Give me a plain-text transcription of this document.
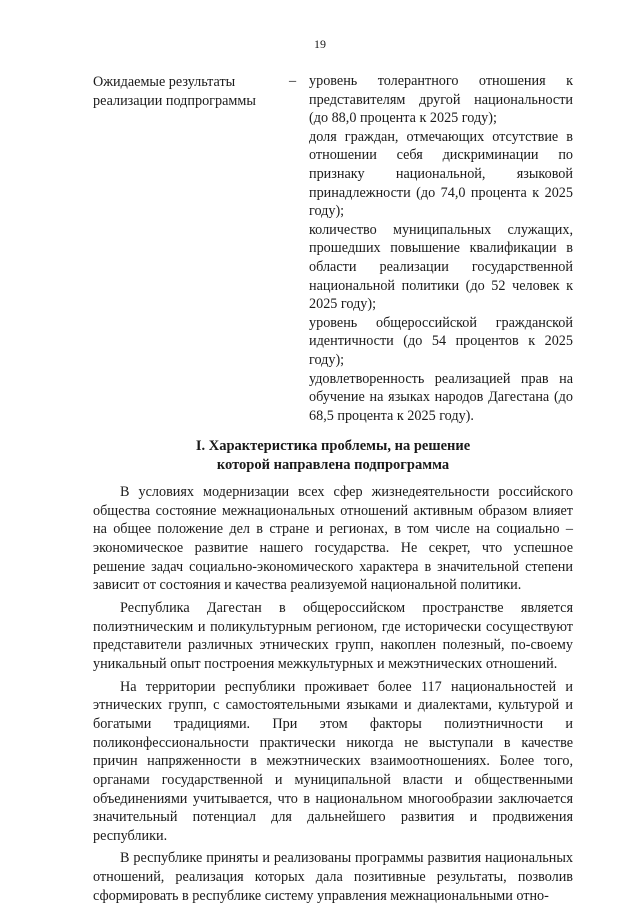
19
Ожидаемые результаты реализации подпрограммы
– уровень толерантного отношения к представителям другой национальности (до 88,0 процента к 2025 году);

доля граждан, отмечающих отсутствие в отношении себя дискриминации по признаку национальной, языковой принадлежности (до 74,0 процента к 2025 году);

количество муниципальных служащих, прошедших повышение квалификации в области реализации государственной национальной политики (до 52 человек к 2025 году);

уровень общероссийской гражданской идентичности (до 54 процентов к 2025 году);

удовлетворенность реализацией прав на обучение на языках народов Дагестана (до 68,5 процента к 2025 году).

I. Характеристика проблемы, на решение
которой направлена подпрограмма

В условиях модернизации всех сфер жизнедеятельности российского общества состояние межнациональных отношений активным образом влияет на общее положение дел в стране и регионах, в том числе на социально – экономическое развитие нашего государства. Не секрет, что успешное решение задач социально-экономического характера в значительной степени зависит от состояния и качества реализуемой национальной политики.

Республика Дагестан в общероссийском пространстве является полиэтническим и поликультурным регионом, где исторически сосуществуют представители различных этнических групп, накоплен полезный, по-своему уникальный опыт построения межкультурных и межэтнических отношений.

На территории республики проживает более 117 национальностей и этнических групп, с самостоятельными языками и диалектами, культурой и богатыми традициями. При этом факторы полиэтничности и поликонфессиональности практически никогда не выступали в качестве причин напряженности в межэтнических взаимоотношениях. Более того, органами государственной и муниципальной власти и общественными объединениями учитывается, что в национальном многообразии заключается значительный потенциал для дальнейшего развития и продвижения республики.

В республике приняты и реализованы программы развития национальных отношений, реализация которых дала позитивные результаты, позволив сформировать в республике систему управления межнациональными отно-
